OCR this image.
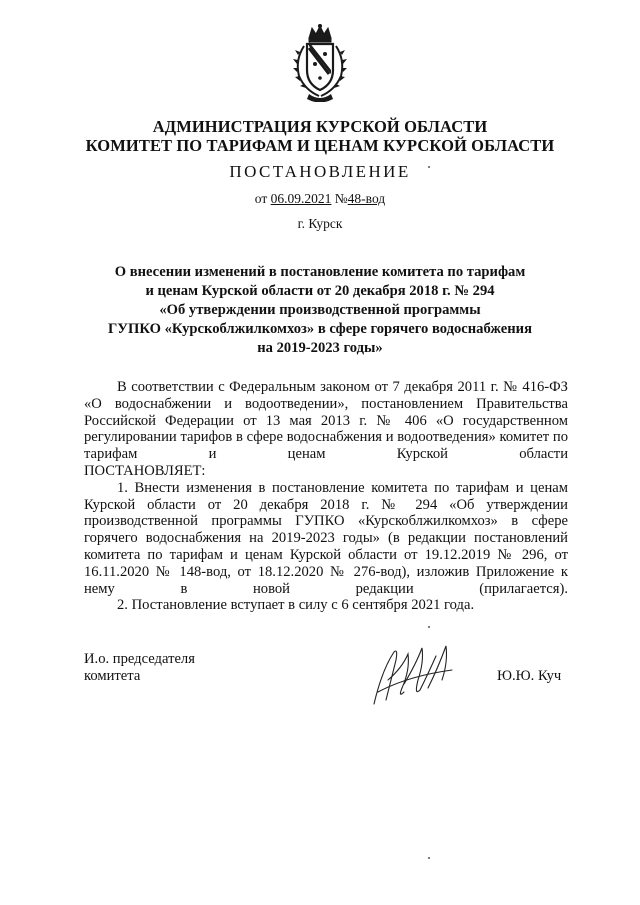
АДМИНИСТРАЦИЯ КУРСКОЙ ОБЛАСТИ
КОМИТЕТ ПО ТАРИФАМ И ЦЕНАМ КУРСКОЙ ОБЛАСТИ
ПОСТАНОВЛЕНИЕ
от 06.09.2021 №48-вод
г. Курск
О внесении изменений в постановление комитета по тарифам
и ценам Курской области от 20 декабря 2018 г. № 294
«Об утверждении производственной программы
ГУПКО «Курскоблжилкомхоз» в сфере горячего водоснабжения
на 2019-2023 годы»

В соответствии с Федеральным законом от 7 декабря 2011 г. № 416-ФЗ «О водоснабжении и водоотведении», постановлением Правительства Российской Федерации от 13 мая 2013 г. № 406 «О государственном регулировании тарифов в сфере водоснабжения и водоотведения» комитет по тарифам и ценам Курской области

ПОСТАНОВЛЯЕТ:

1. Внести изменения в постановление комитета по тарифам и ценам Курской области от 20 декабря 2018 г. № 294 «Об утверждении производственной программы ГУПКО «Курскоблжилкомхоз» в сфере горячего водоснабжения на 2019-2023 годы» (в редакции постановлений комитета по тарифам и ценам Курской области от 19.12.2019 № 296, от 16.11.2020 № 148-вод, от 18.12.2020 № 276-вод), изложив Приложение к нему в новой редакции (прилагается).

2. Постановление вступает в силу с 6 сентября 2021 года.

И.о. председателя
комитета	Ю.Ю. Куч
